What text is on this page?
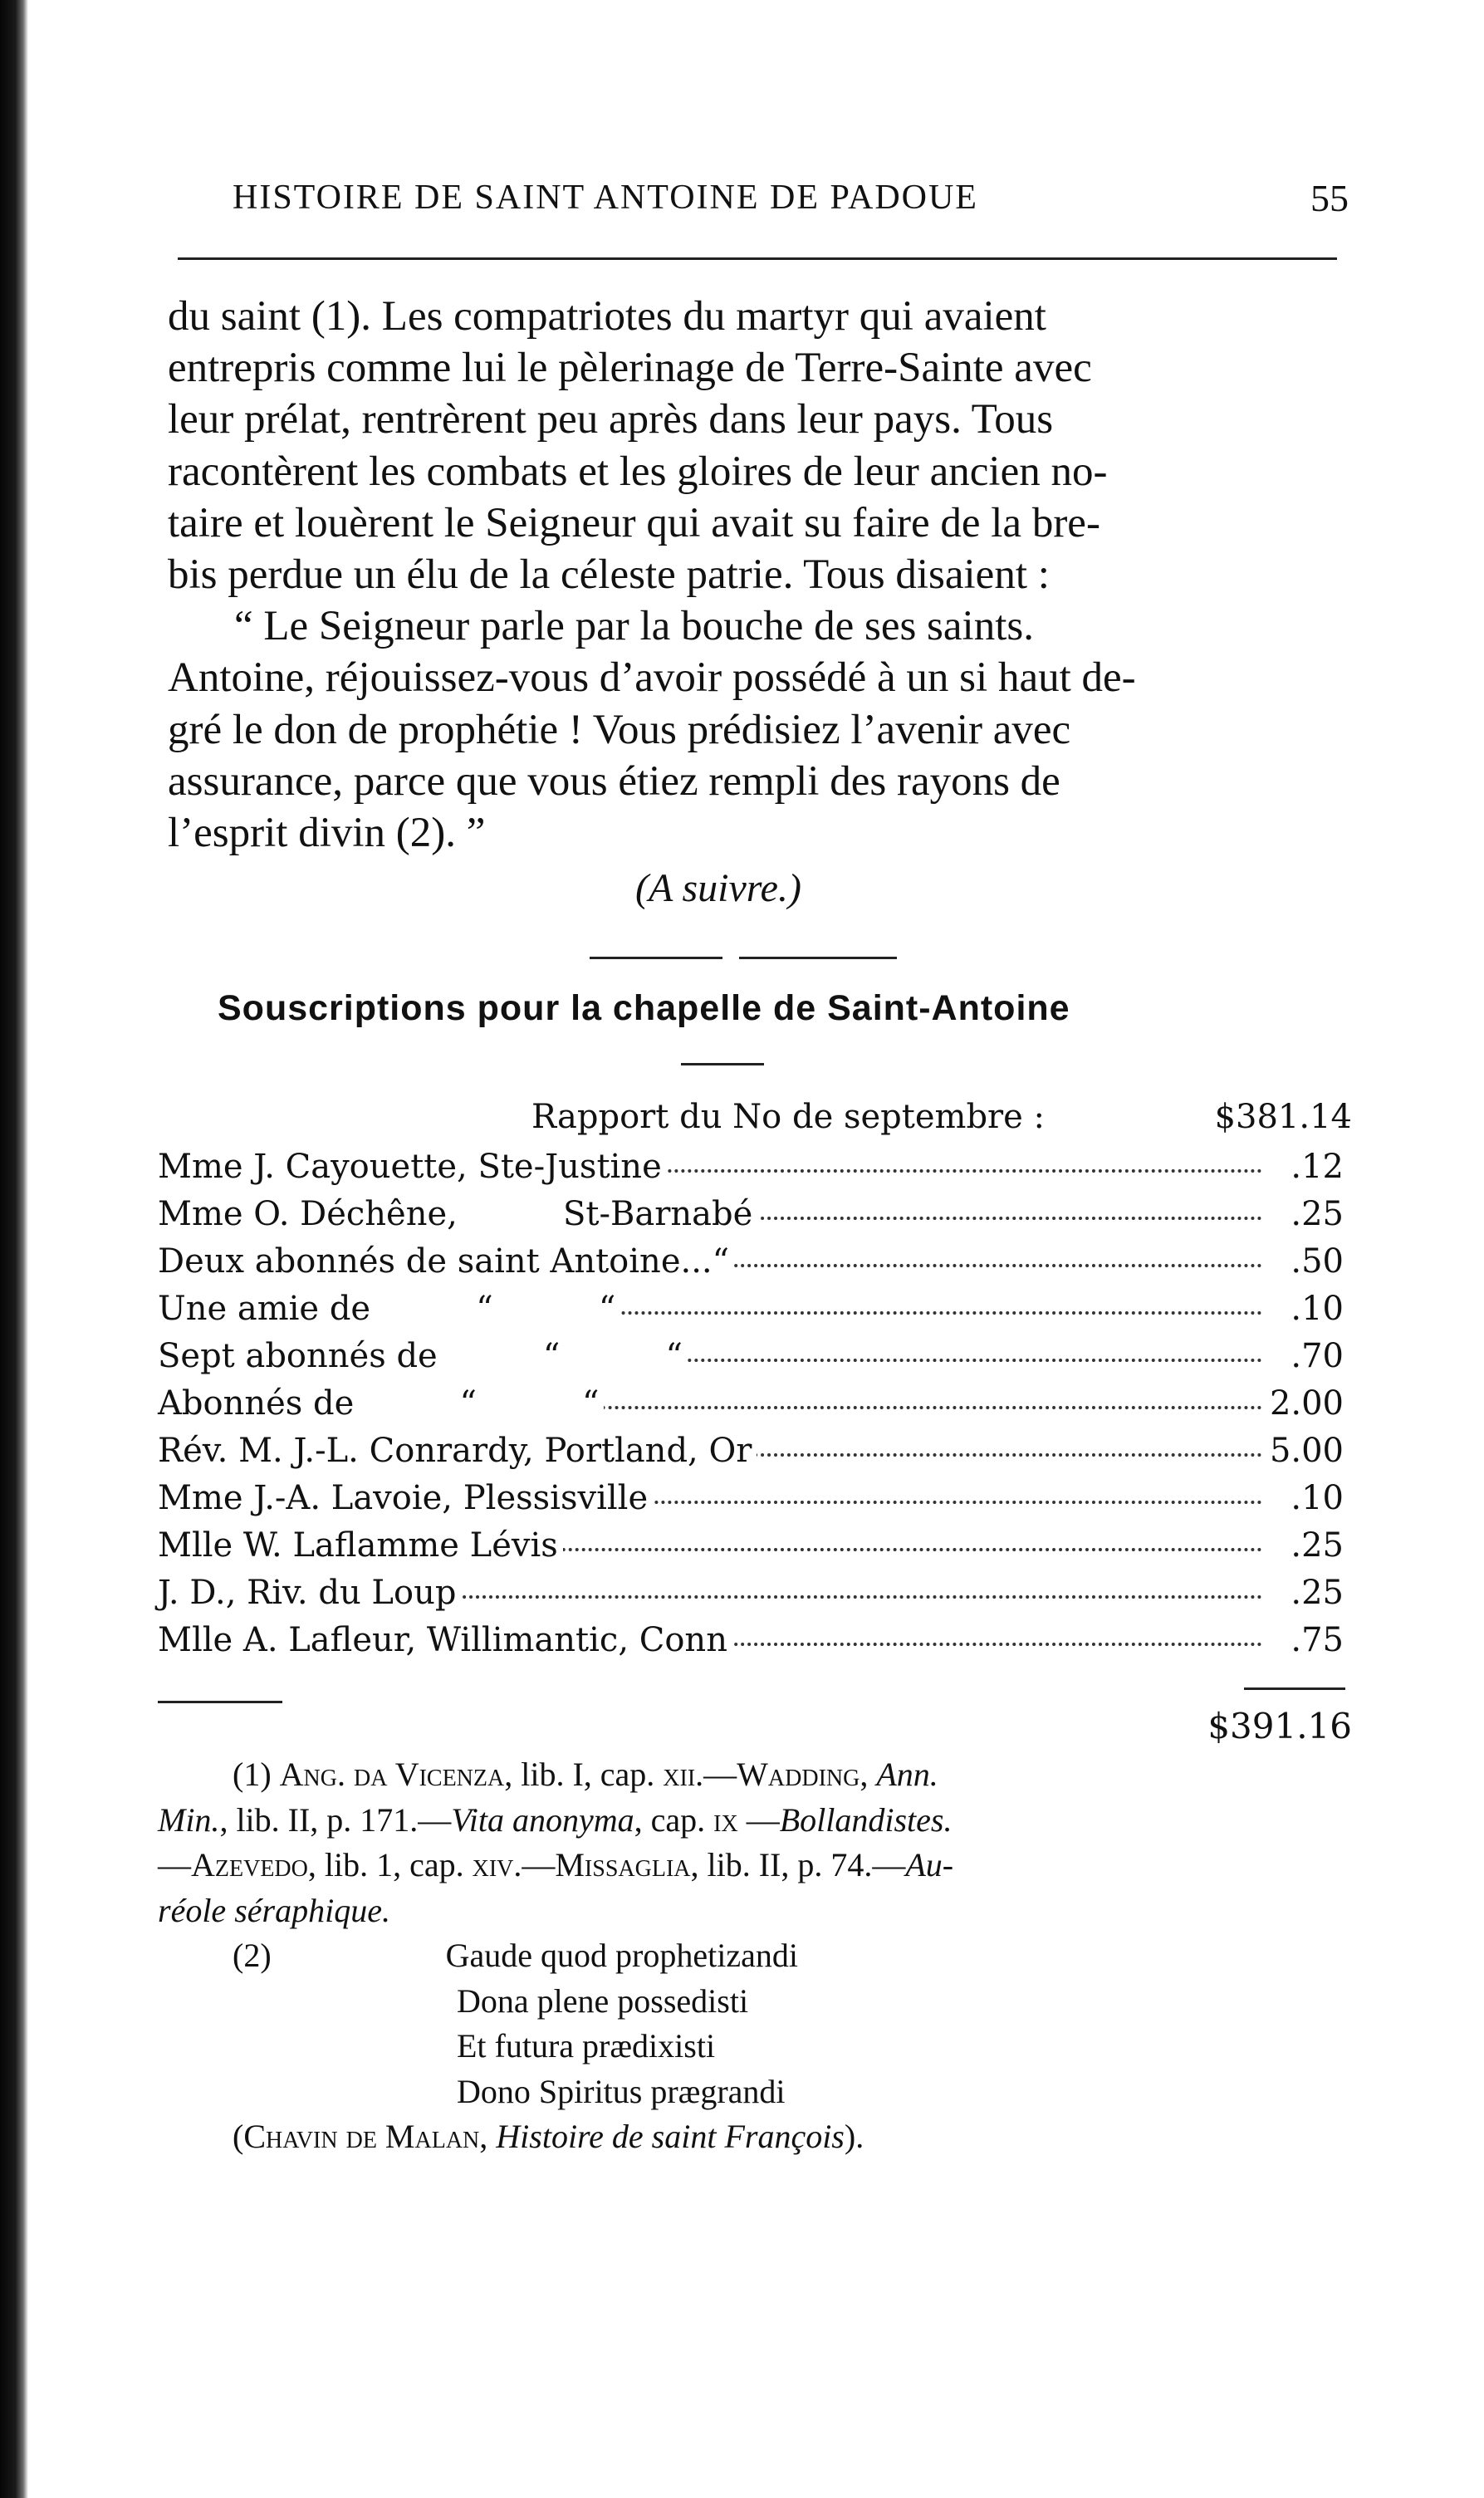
HISTOIRE DE SAINT ANTOINE DE PADOUE	55
du saint (1). Les compatriotes du martyr qui avaient
entrepris comme lui le pèlerinage de Terre-Sainte avec
leur prélat, rentrèrent peu après dans leur pays. Tous
racontèrent les combats et les gloires de leur ancien no-
taire et louèrent le Seigneur qui avait su faire de la bre-
bis perdue un élu de la céleste patrie. Tous disaient :
“ Le Seigneur parle par la bouche de ses saints.
Antoine, réjouissez-vous d’avoir possédé à un si haut de-
gré le don de prophétie ! Vous prédisiez l’avenir avec
assurance, parce que vous étiez rempli des rayons de
l’esprit divin (2). ”
(A suivre.)
Souscriptions pour la chapelle de Saint-Antoine
Rapport du No de septembre :	$381.14
Mme J. Cayouette, Ste-Justine	.12
Mme O. Déchêne,          St-Barnabé	.25
Deux abonnés de saint Antoine...“	.50
Une amie de          “          “	.10
Sept abonnés de          “          “	.70
Abonnés de          “          “	2.00
Rév. M. J.-L. Conrardy, Portland, Or	5.00
Mme J.-A. Lavoie, Plessisville	.10
Mlle W. Laflamme Lévis	.25
J. D., Riv. du Loup	.25
Mlle A. Lafleur, Willimantic, Conn	.75
$391.16
(1) Ang. da Vicenza, lib. I, cap. xii.—Wadding, Ann.
Min., lib. II, p. 171.—Vita anonyma, cap. ix —Bollandistes.
—Azevedo, lib. 1, cap. xiv.—Missaglia, lib. II, p. 74.—Au-
réole séraphique.
(2)	Gaude quod prophetizandi
Dona plene possedisti
Et futura prædixisti
Dono Spiritus prægrandi
(Chavin de Malan, Histoire de saint François).
